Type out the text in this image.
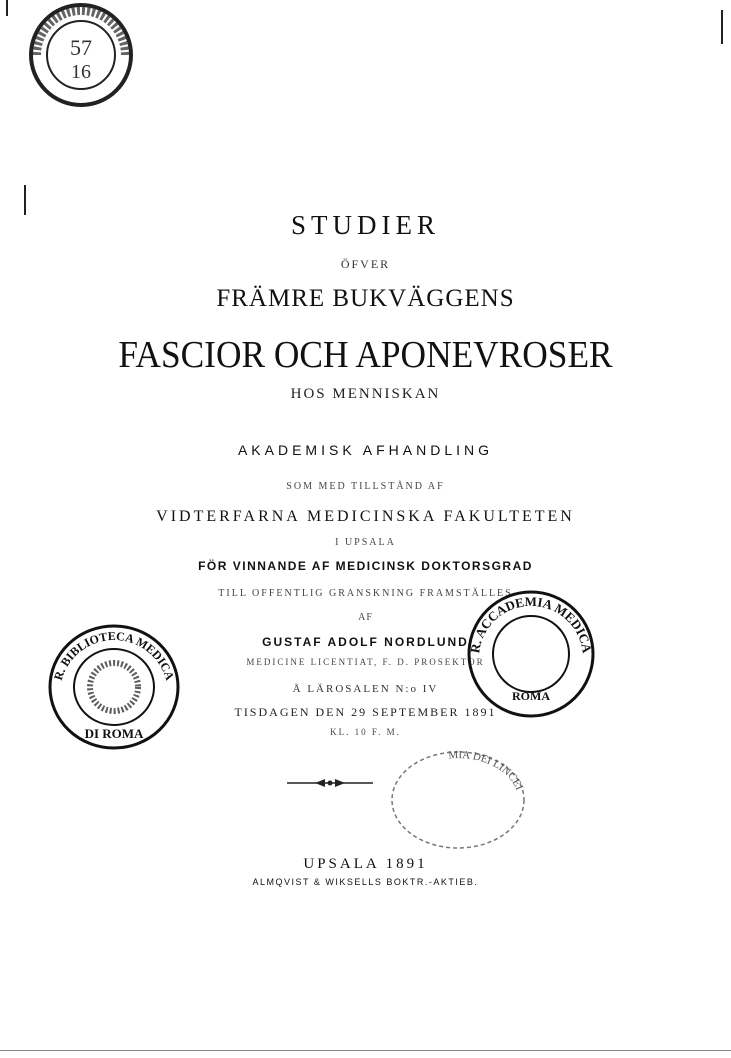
57
16
STUDIER
ÖFVER
FRÄMRE BUKVÄGGENS
FASCIOR OCH APONEVROSER
HOS MENNISKAN
AKADEMISK AFHANDLING
SOM MED TILLSTÅND AF
VIDTERFARNA MEDICINSKA FAKULTETEN
I UPSALA
FÖR VINNANDE AF MEDICINSK DOKTORSGRAD
TILL OFFENTLIG GRANSKNING FRAMSTÄLLES
AF
GUSTAF ADOLF NORDLUND
MEDICINE LICENTIAT, F. D. PROSEKTOR
Å LÄROSALEN N:o IV
TISDAGEN DEN 29 SEPTEMBER 1891
KL. 10 F. M.
R. BIBLIOTECA MEDICA
DI ROMA
R. ACCADEMIA MEDICA
ROMA
MIA DEI LINCEI
UPSALA 1891
ALMQVIST & WIKSELLS BOKTR.-AKTIEB.
